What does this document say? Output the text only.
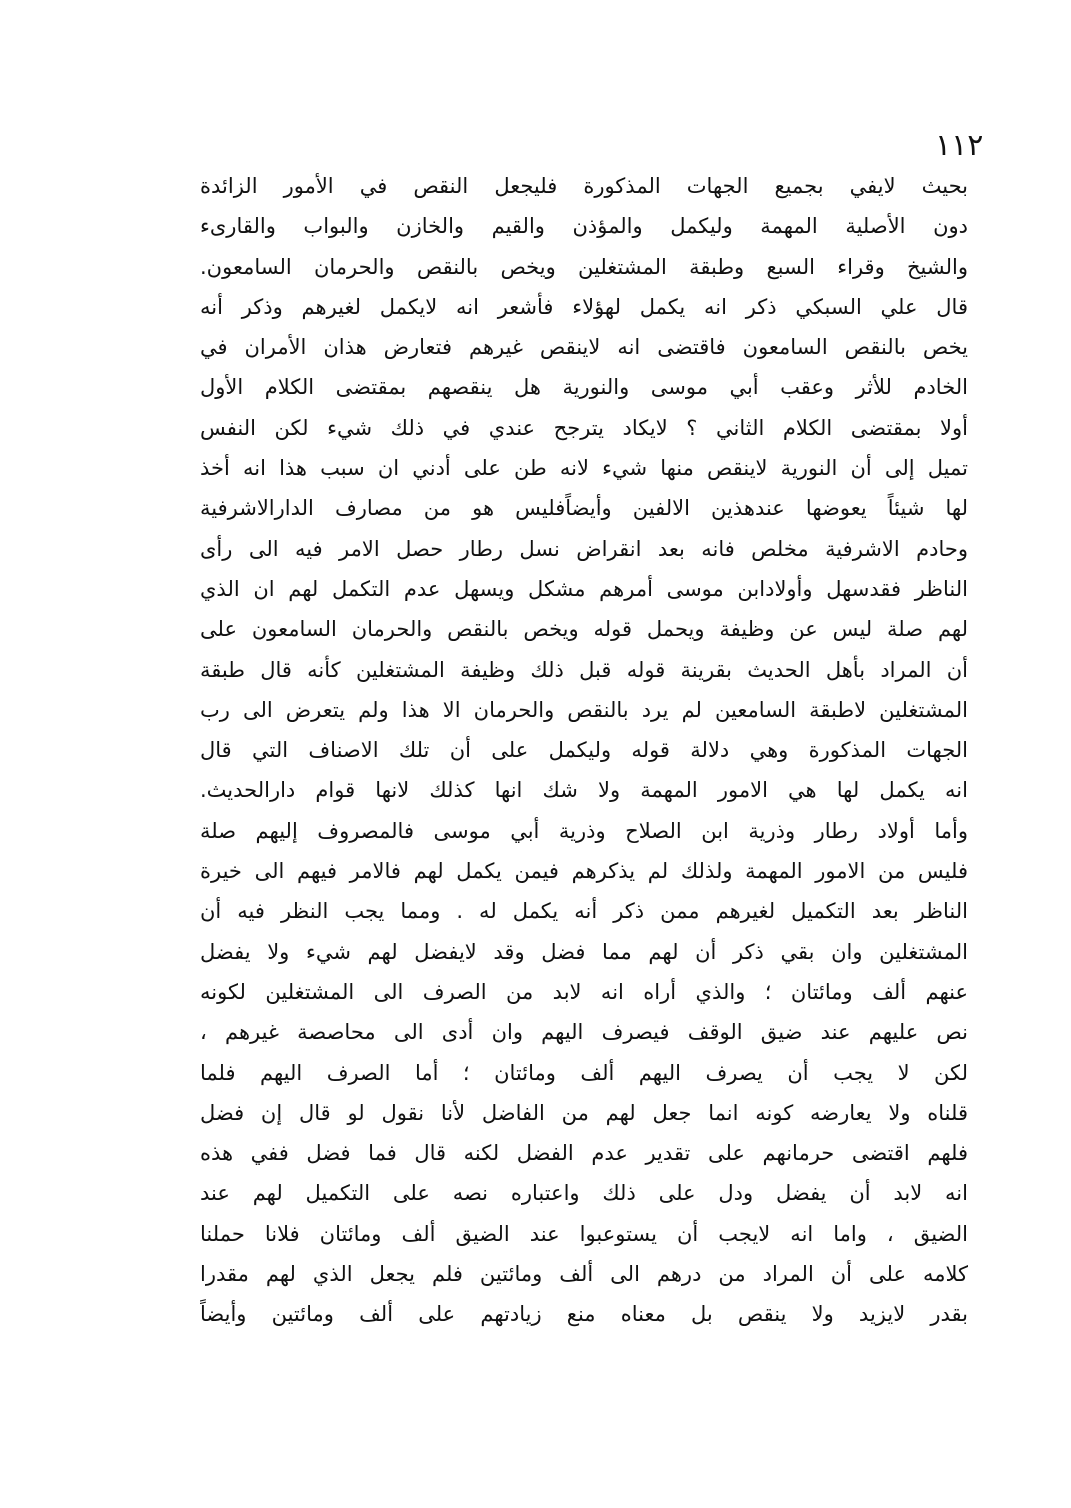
١١٢
بحيث لايفي بجميع الجهات المذكورة فليجعل النقص في الأمور الزائدة
دون الأصلية المهمة وليكمل والمؤذن والقيم والخازن والبواب والقارىء
والشيخ وقراء السبع وطبقة المشتغلين ويخص بالنقص والحرمان السامعون.
قال علي السبكي ذكر انه يكمل لهؤلاء فأشعر انه لايكمل لغيرهم وذكر أنه
يخص بالنقص السامعون فاقتضى انه لاينقص غيرهم فتعارض هذان الأمران في
الخادم للأثر وعقب أبي موسى والنورية هل ينقصهم بمقتضى الكلام الأول
أولا بمقتضى الكلام الثاني ؟ لايكاد يترجح عندي في ذلك شيء لكن النفس
تميل إلى أن النورية لاينقص منها شيء لانه طن على أدني ان سبب هذا انه أخذ
لها شيئاً يعوضها عندهذين الالفين وأيضاًفليس هو من مصارف الدارالاشرفية
وحادم الاشرفية مخلص فانه بعد انقراض نسل رطار حصل الامر فيه الى رأى
الناظر فقدسهل وأولادابن موسى أمرهم مشكل ويسهل عدم التكمل لهم ان الذي
لهم صلة ليس عن وظيفة ويحمل قوله ويخص بالنقص والحرمان السامعون على
أن المراد بأهل الحديث بقرينة قوله قبل ذلك وظيفة المشتغلين كأنه قال طبقة
المشتغلين لاطبقة السامعين لم يرد بالنقص والحرمان الا هذا ولم يتعرض الى رب
الجهات المذكورة وهي دلالة قوله وليكمل على أن تلك الاصناف التي قال
انه يكمل لها هي الامور المهمة ولا شك انها كذلك لانها قوام دارالحديث.
وأما أولاد رطار وذرية ابن الصلاح وذرية أبي موسى فالمصروف إليهم صلة
فليس من الامور المهمة ولذلك لم يذكرهم فيمن يكمل لهم فالامر فيهم الى خيرة
الناظر بعد التكميل لغيرهم ممن ذكر أنه يكمل له . ومما يجب النظر فيه أن
المشتغلين وان بقي ذكر أن لهم مما فضل وقد لايفضل لهم شيء ولا يفضل
عنهم ألف ومائتان ؛ والذي أراه انه لابد من الصرف الى المشتغلين لكونه
نص عليهم عند ضيق الوقف فيصرف اليهم وان أدى الى محاصصة غيرهم ،
لكن لا يجب أن يصرف اليهم ألف ومائتان ؛ أما الصرف اليهم فلما
قلناه ولا يعارضه كونه انما جعل لهم من الفاضل لأنا نقول لو قال إن فضل
فلهم اقتضى حرمانهم على تقدير عدم الفضل لكنه قال فما فضل ففي هذه
انه لابد أن يفضل ودل على ذلك واعتباره نصه على التكميل لهم عند
الضيق ، واما انه لايجب أن يستوعبوا عند الضيق ألف ومائتان فلانا حملنا
كلامه على أن المراد من درهم الى ألف ومائتين فلم يجعل الذي لهم مقدرا
بقدر لايزيد ولا ينقص بل معناه منع زيادتهم على ألف ومائتين وأيضاً
